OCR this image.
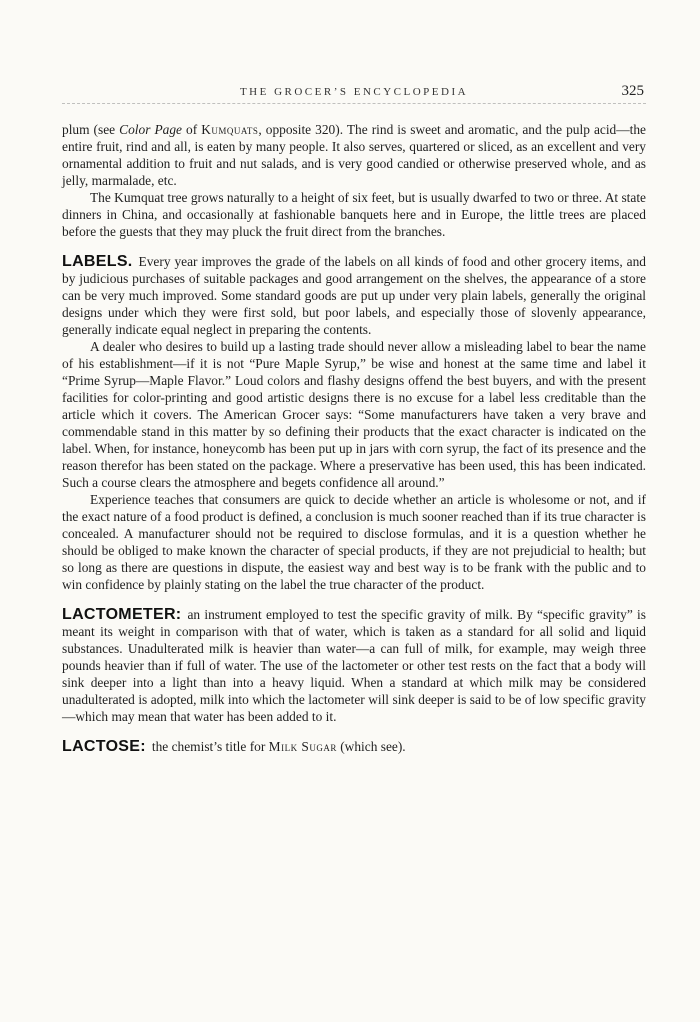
THE GROCER’S ENCYCLOPEDIA	325

plum (see Color Page of Kumquats, opposite 320). The rind is sweet and aromatic, and the pulp acid—the entire fruit, rind and all, is eaten by many people. It also serves, quartered or sliced, as an excellent and very ornamental addition to fruit and nut salads, and is very good candied or otherwise preserved whole, and as jelly, marmalade, etc.

The Kumquat tree grows naturally to a height of six feet, but is usually dwarfed to two or three. At state dinners in China, and occasionally at fashionable banquets here and in Europe, the little trees are placed before the guests that they may pluck the fruit direct from the branches.

LABELS. Every year improves the grade of the labels on all kinds of food and other grocery items, and by judicious purchases of suitable packages and good arrangement on the shelves, the appearance of a store can be very much improved. Some standard goods are put up under very plain labels, generally the original designs under which they were first sold, but poor labels, and especially those of slovenly appearance, generally indicate equal neglect in preparing the contents.

A dealer who desires to build up a lasting trade should never allow a misleading label to bear the name of his establishment—if it is not “Pure Maple Syrup,” be wise and honest at the same time and label it “Prime Syrup—Maple Flavor.” Loud colors and flashy designs offend the best buyers, and with the present facilities for color-printing and good artistic designs there is no excuse for a label less creditable than the article which it covers. The American Grocer says: “Some manufacturers have taken a very brave and commendable stand in this matter by so defining their products that the exact character is indicated on the label. When, for instance, honeycomb has been put up in jars with corn syrup, the fact of its presence and the reason therefor has been stated on the package. Where a preservative has been used, this has been indicated. Such a course clears the atmosphere and begets confidence all around.”

Experience teaches that consumers are quick to decide whether an article is wholesome or not, and if the exact nature of a food product is defined, a conclusion is much sooner reached than if its true character is concealed. A manufacturer should not be required to disclose formulas, and it is a question whether he should be obliged to make known the character of special products, if they are not prejudicial to health; but so long as there are questions in dispute, the easiest way and best way is to be frank with the public and to win confidence by plainly stating on the label the true character of the product.

LACTOMETER: an instrument employed to test the specific gravity of milk. By “specific gravity” is meant its weight in comparison with that of water, which is taken as a standard for all solid and liquid substances. Unadulterated milk is heavier than water—a can full of milk, for example, may weigh three pounds heavier than if full of water. The use of the lactometer or other test rests on the fact that a body will sink deeper into a light than into a heavy liquid. When a standard at which milk may be considered unadulterated is adopted, milk into which the lactometer will sink deeper is said to be of low specific gravity—which may mean that water has been added to it.

LACTOSE: the chemist’s title for Milk Sugar (which see).
